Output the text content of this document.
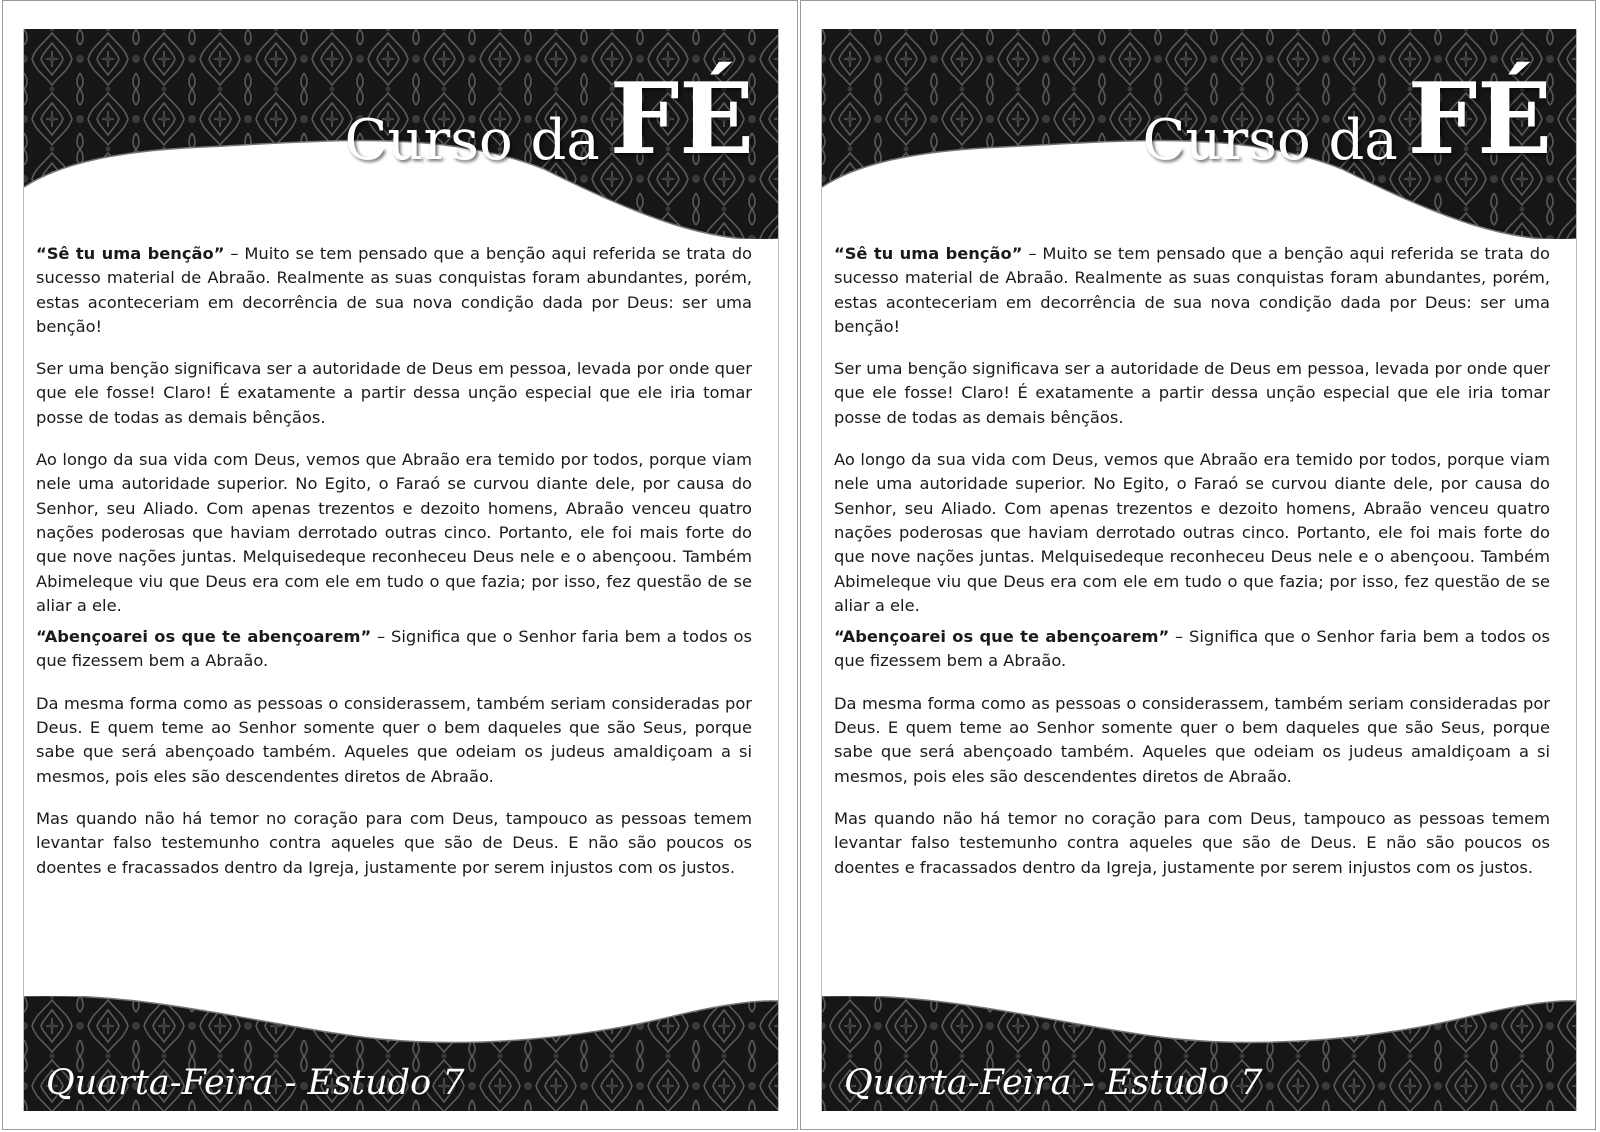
Curso da FÉ

“Sê tu uma benção” – Muito se tem pensado que a benção aqui referida se trata do sucesso material de Abraão. Realmente as suas conquistas foram abundantes, porém, estas aconteceriam em decorrência de sua nova condição dada por Deus: ser uma benção!

Ser uma benção significava ser a autoridade de Deus em pessoa, levada por onde quer que ele fosse! Claro! É exatamente a partir dessa unção especial que ele iria tomar posse de todas as demais bênçãos.

Ao longo da sua vida com Deus, vemos que Abraão era temido por todos, porque viam nele uma autoridade superior. No Egito, o Faraó se curvou diante dele, por causa do Senhor, seu Aliado. Com apenas trezentos e dezoito homens, Abraão venceu quatro nações poderosas que haviam derrotado outras cinco. Portanto, ele foi mais forte do que nove nações juntas. Melquisedeque reconheceu Deus nele e o abençoou. Também Abimeleque viu que Deus era com ele em tudo o que fazia; por isso, fez questão de se aliar a ele.

“Abençoarei os que te abençoarem” – Significa que o Senhor faria bem a todos os que fizessem bem a Abraão.

Da mesma forma como as pessoas o considerassem, também seriam consideradas por Deus. E quem teme ao Senhor somente quer o bem daqueles que são Seus, porque sabe que será abençoado também. Aqueles que odeiam os judeus amaldiçoam a si mesmos, pois eles são descendentes diretos de Abraão.

Mas quando não há temor no coração para com Deus, tampouco as pessoas temem levantar falso testemunho contra aqueles que são de Deus. E não são poucos os doentes e fracassados dentro da Igreja, justamente por serem injustos com os justos.

Quarta-Feira - Estudo 7
Curso da FÉ

“Sê tu uma benção” – Muito se tem pensado que a benção aqui referida se trata do sucesso material de Abraão. Realmente as suas conquistas foram abundantes, porém, estas aconteceriam em decorrência de sua nova condição dada por Deus: ser uma benção!

Ser uma benção significava ser a autoridade de Deus em pessoa, levada por onde quer que ele fosse! Claro! É exatamente a partir dessa unção especial que ele iria tomar posse de todas as demais bênçãos.

Ao longo da sua vida com Deus, vemos que Abraão era temido por todos, porque viam nele uma autoridade superior. No Egito, o Faraó se curvou diante dele, por causa do Senhor, seu Aliado. Com apenas trezentos e dezoito homens, Abraão venceu quatro nações poderosas que haviam derrotado outras cinco. Portanto, ele foi mais forte do que nove nações juntas. Melquisedeque reconheceu Deus nele e o abençoou. Também Abimeleque viu que Deus era com ele em tudo o que fazia; por isso, fez questão de se aliar a ele.

“Abençoarei os que te abençoarem” – Significa que o Senhor faria bem a todos os que fizessem bem a Abraão.

Da mesma forma como as pessoas o considerassem, também seriam consideradas por Deus. E quem teme ao Senhor somente quer o bem daqueles que são Seus, porque sabe que será abençoado também. Aqueles que odeiam os judeus amaldiçoam a si mesmos, pois eles são descendentes diretos de Abraão.

Mas quando não há temor no coração para com Deus, tampouco as pessoas temem levantar falso testemunho contra aqueles que são de Deus. E não são poucos os doentes e fracassados dentro da Igreja, justamente por serem injustos com os justos.

Quarta-Feira - Estudo 7
